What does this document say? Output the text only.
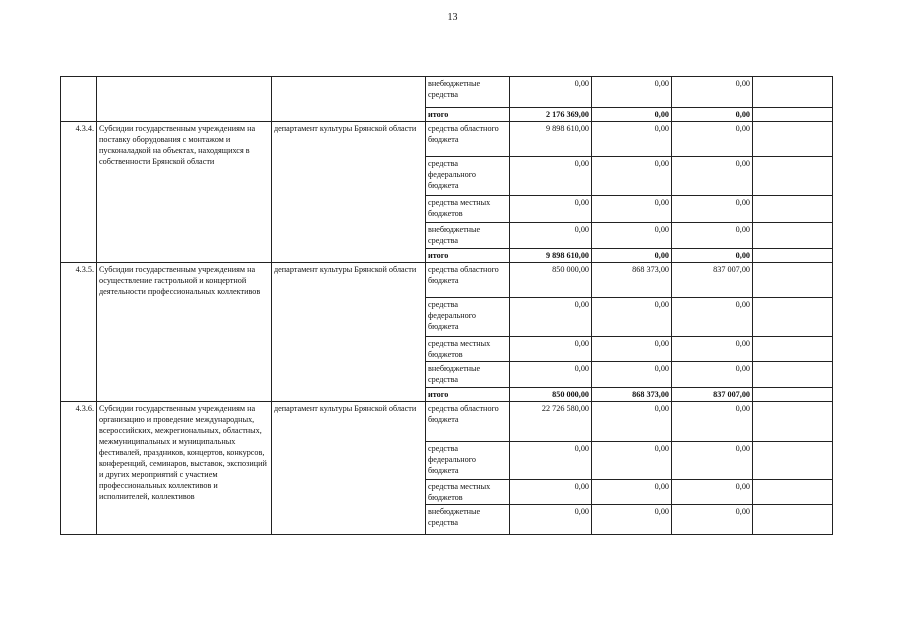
13
			внебюджетные средства	0,00	0,00	0,00	
			итого	2 176 369,00	0,00	0,00	
4.3.4.	Субсидии государственным учреждениям на поставку оборудования с монтажом и пусконаладкой на объектах, находящихся в собственности Брянской области	департамент культуры Брянской области	средства областного бюджета	9 898 610,00	0,00	0,00	
			средства федерального бюджета	0,00	0,00	0,00	
			средства местных бюджетов	0,00	0,00	0,00	
			внебюджетные средства	0,00	0,00	0,00	
			итого	9 898 610,00	0,00	0,00	
4.3.5.	Субсидии государственным учреждениям на осуществление гастрольной и концертной деятельности профессиональных коллективов	департамент культуры Брянской области	средства областного бюджета	850 000,00	868 373,00	837 007,00	
			средства федерального бюджета	0,00	0,00	0,00	
			средства местных бюджетов	0,00	0,00	0,00	
			внебюджетные средства	0,00	0,00	0,00	
			итого	850 000,00	868 373,00	837 007,00	
4.3.6.	Субсидии государственным учреждениям на организацию и проведение международных, всероссийских, межрегиональных, областных, межмуниципальных и муниципальных фестивалей, праздников, концертов, конкурсов, конференций, семинаров, выставок, экспозиций и других мероприятий с участием профессиональных коллективов и исполнителей, коллективов	департамент культуры Брянской области	средства областного бюджета	22 726 580,00	0,00	0,00	
			средства федерального бюджета	0,00	0,00	0,00	
			средства местных бюджетов	0,00	0,00	0,00	
			внебюджетные средства	0,00	0,00	0,00	
